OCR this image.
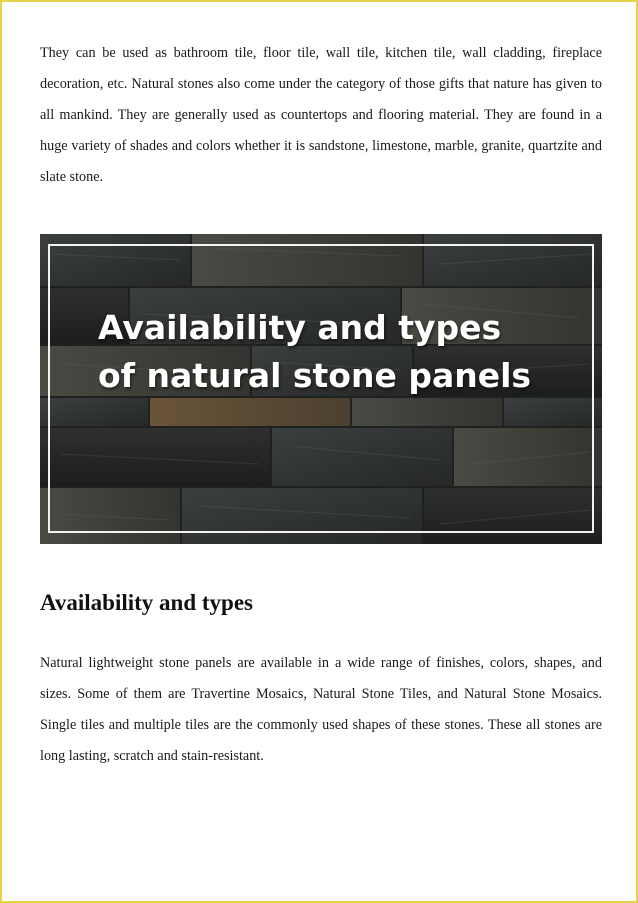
They can be used as bathroom tile, floor tile, wall tile, kitchen tile, wall cladding, fireplace decoration, etc. Natural stones also come under the category of those gifts that nature has given to all mankind. They are generally used as countertops and flooring material. They are found in a huge variety of shades and colors whether it is sandstone, limestone, marble, granite, quartzite and slate stone.

Availability and types
of natural stone panels
Availability and types

Natural lightweight stone panels are available in a wide range of finishes, colors, shapes, and sizes. Some of them are Travertine Mosaics, Natural Stone Tiles, and Natural Stone Mosaics. Single tiles and multiple tiles are the commonly used shapes of these stones. These all stones are long lasting, scratch and stain-resistant.
